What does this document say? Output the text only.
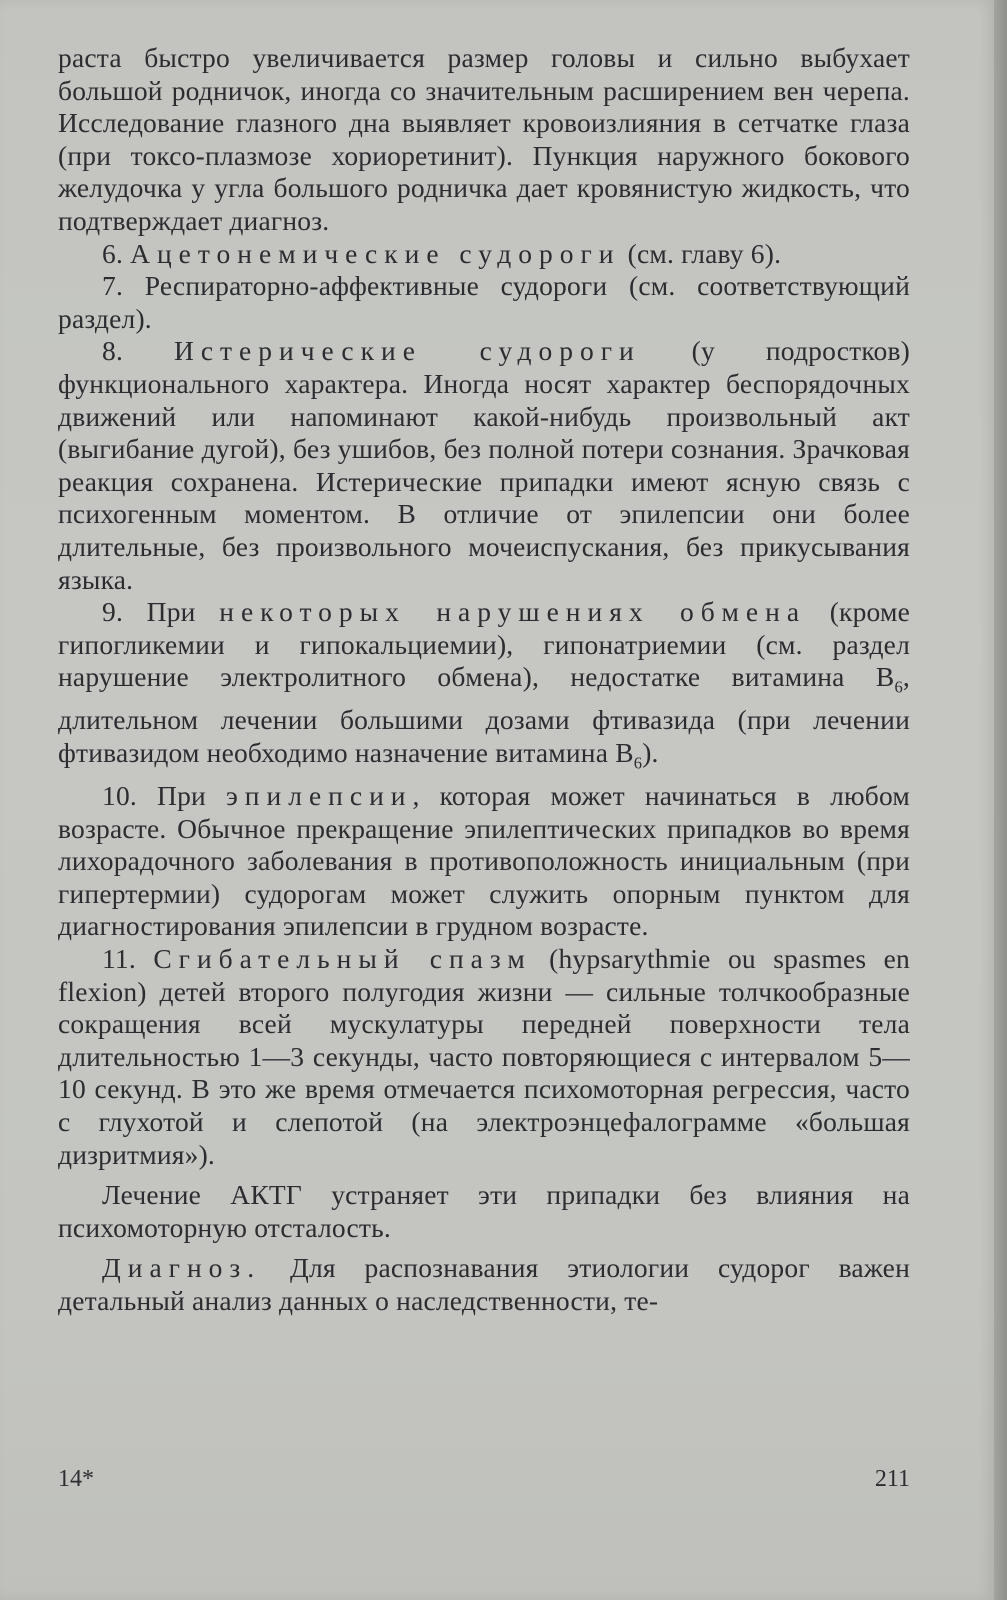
раста быстро увеличивается размер головы и сильно выбухает большой родничок, иногда со значительным расширением вен черепа. Исследование глазного дна выявляет кровоизлияния в сетчатке глаза (при токсо-плазмозе хориоретинит). Пункция наружного бокового желудочка у угла большого родничка дает кровянистую жидкость, что подтверждает диагноз.

6. Ацетонемические судороги (см. главу 6).

7. Респираторно-аффективные судороги (см. соответствующий раздел).

8. Истерические судороги (у подростков) функционального характера. Иногда носят характер беспорядочных движений или напоминают какой-нибудь произвольный акт (выгибание дугой), без ушибов, без полной потери сознания. Зрачковая реакция сохранена. Истерические припадки имеют ясную связь с психогенным моментом. В отличие от эпилепсии они более длительные, без произвольного мочеиспускания, без прикусывания языка.

9. При некоторых нарушениях обмена (кроме гипогликемии и гипокальциемии), гипонатриемии (см. раздел нарушение электролитного обмена), недостатке витамина $B_6$, длительном лечении большими дозами фтивазида (при лечении фтивазидом необходимо назначение витамина $B_6$).

10. При эпилепсии, которая может начинаться в любом возрасте. Обычное прекращение эпилептических припадков во время лихорадочного заболевания в противоположность инициальным (при гипертермии) судорогам может служить опорным пунктом для диагностирования эпилепсии в грудном возрасте.

11. Сгибательный спазм (hypsarythmie ou spasmes en flexion) детей второго полугодия жизни — сильные толчкообразные сокращения всей мускулатуры передней поверхности тела длительностью 1—3 секунды, часто повторяющиеся с интервалом 5—10 секунд. В это же время отмечается психомоторная регрессия, часто с глухотой и слепотой (на электроэнцефалограмме «большая дизритмия»).

Лечение АКТГ устраняет эти припадки без влияния на психомоторную отсталость.

Диагноз. Для распознавания этиологии судорог важен детальный анализ данных о наследственности, те-

14*	211
